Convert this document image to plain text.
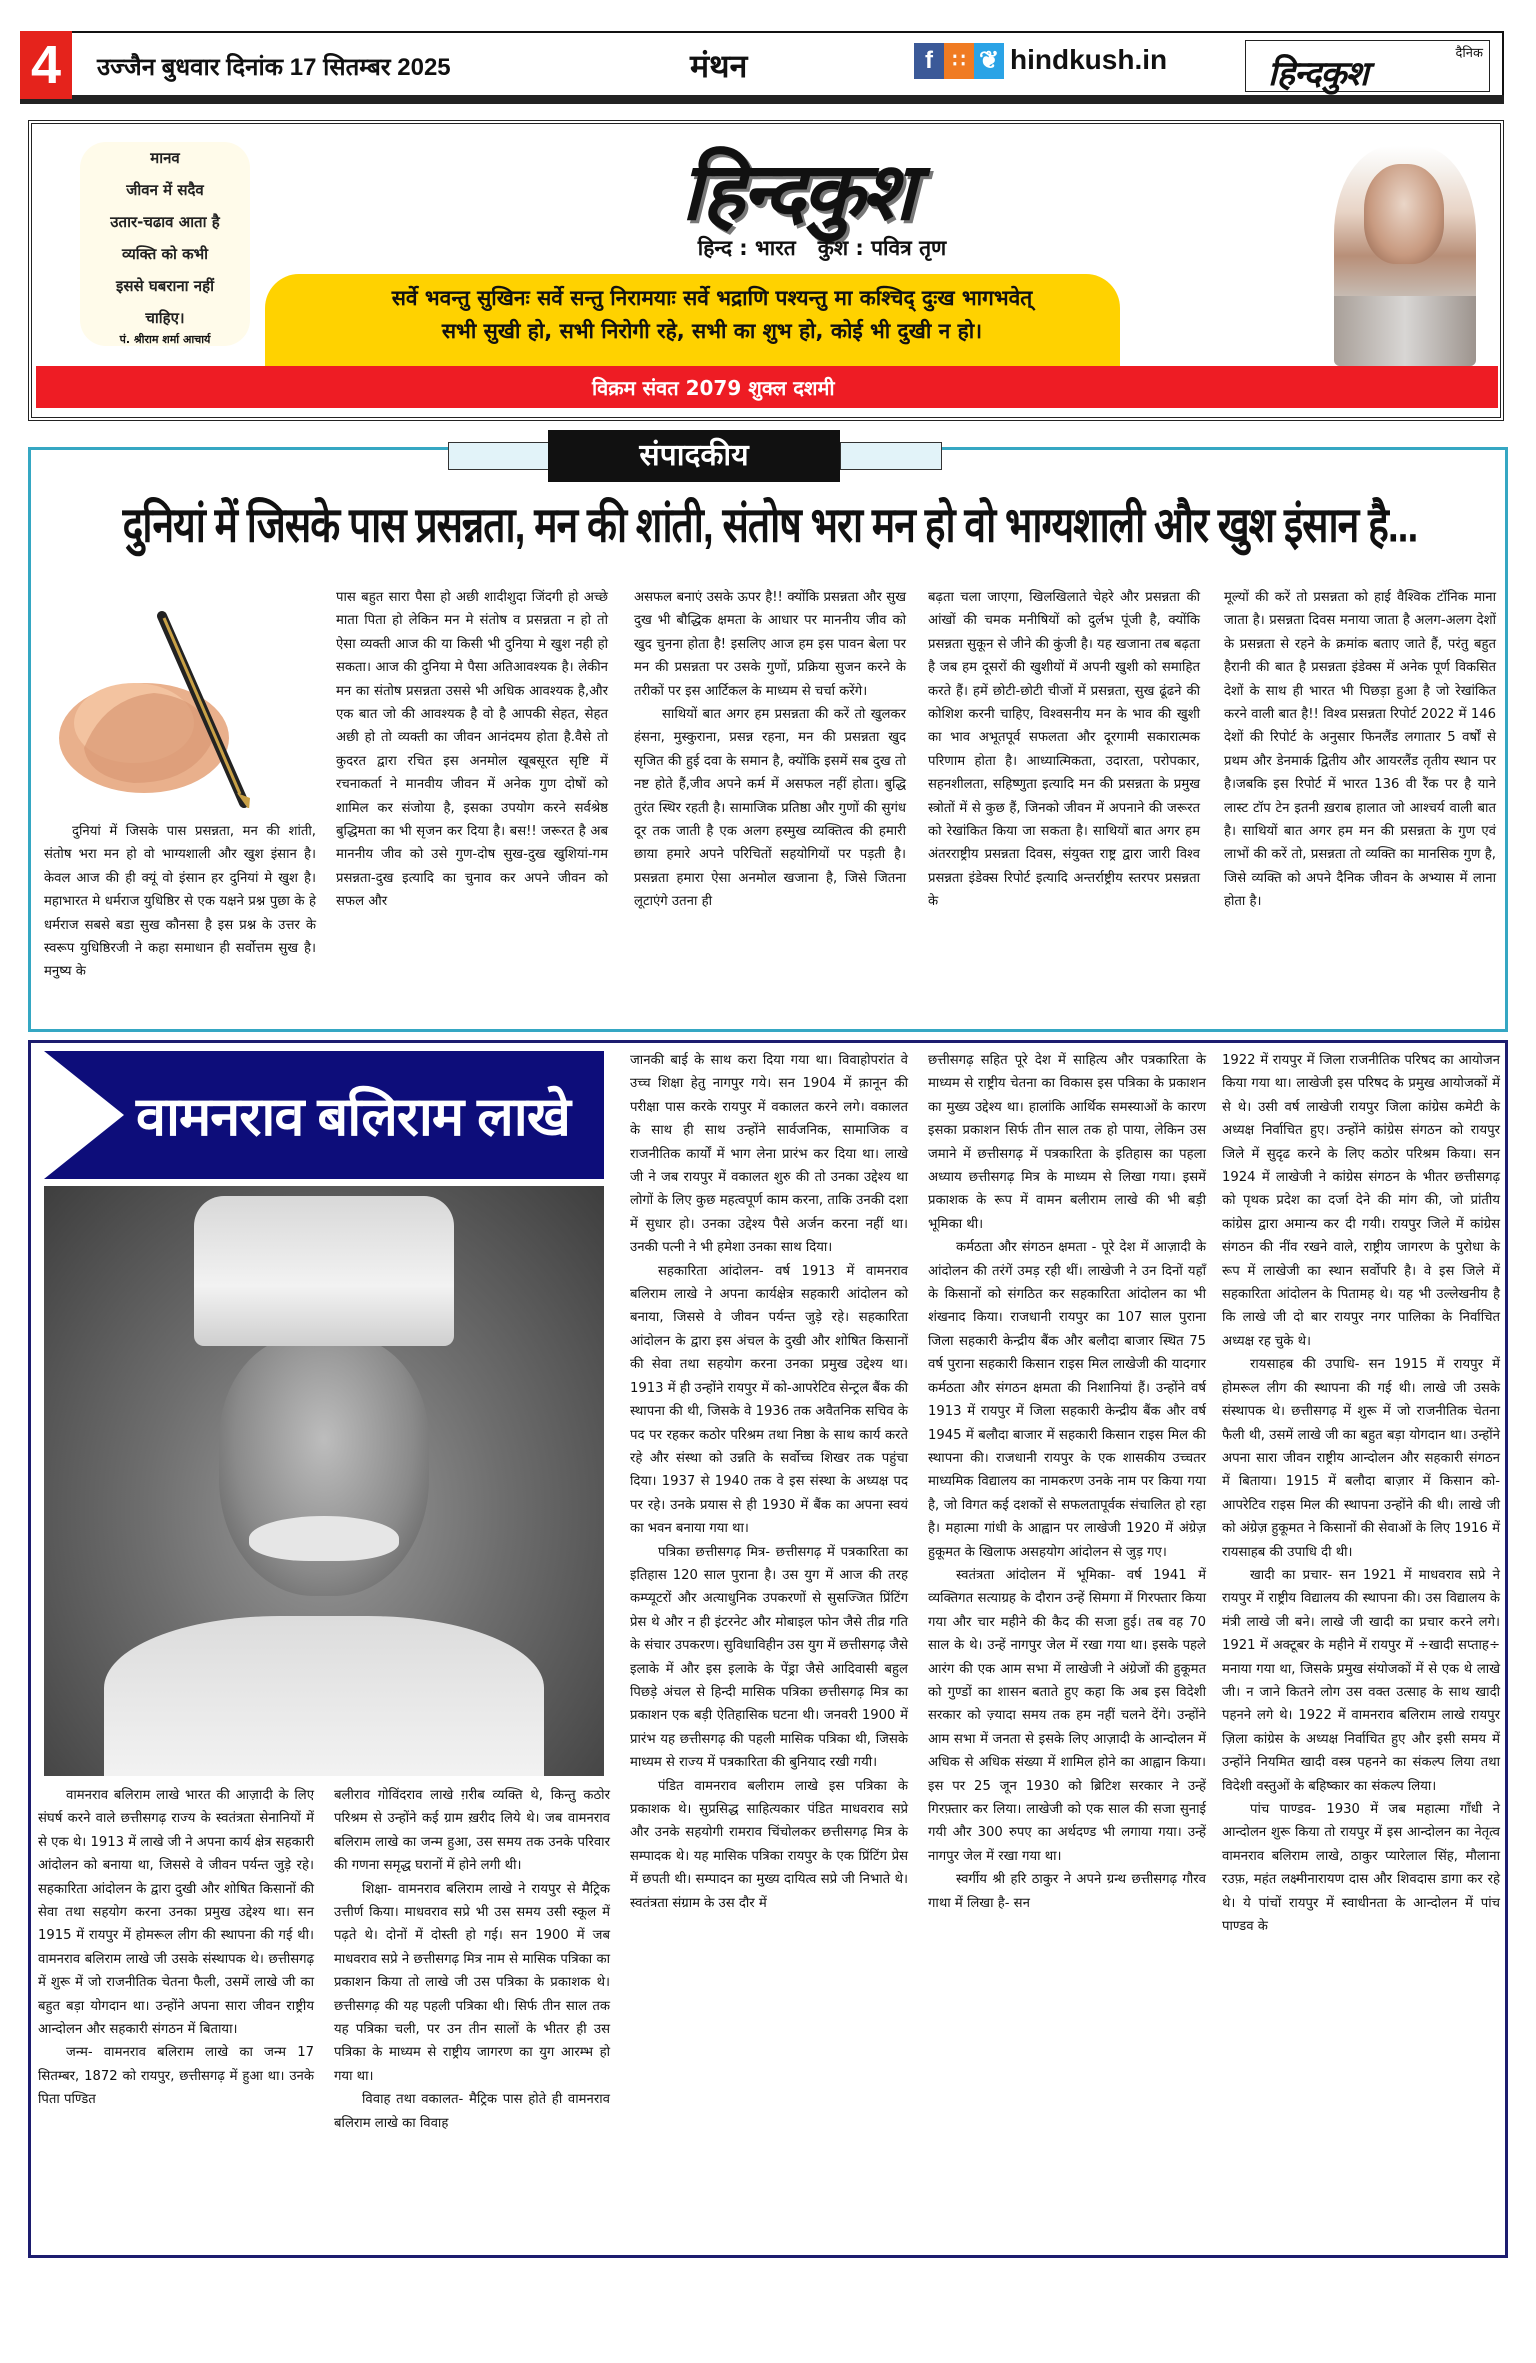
4	उज्जैन बुधवार दिनांक 17 सितम्बर 2025	मंथन	f ∷ ❦ hindkush.in	दैनिक
हिन्दकुश
मानव
जीवन में सदैव
उतार-चढाव आता है
व्यक्ति को कभी
इससे घबराना नहीं
चाहिए।
पं. श्रीराम शर्मा आचार्य
हिन्दकुश
हिन्द : भारत   कुश : पवित्र तृण
सर्वे भवन्तु सुखिनः सर्वे सन्तु निरामयाः सर्वे भद्राणि पश्यन्तु मा कश्चिद् दुःख भागभवेत्
सभी सुखी हो, सभी निरोगी रहे, सभी का शुभ हो, कोई भी दुखी न हो।
विक्रम संवत 2079 शुक्ल दशमी
संपादकीय
दुनियां में जिसके पास प्रसन्नता, मन की शांती, संतोष भरा मन हो वो भाग्यशाली और खुश इंसान है...

दुनियां में जिसके पास प्रसन्नता, मन की शांती, संतोष भरा मन हो वो भाग्यशाली और खुश इंसान है। केवल आज की ही क्यूं वो इंसान हर दुनियां मे खुश है। महाभारत मे धर्मराज युधिष्ठिर से एक यक्षने प्रश्न पुछा के हे धर्मराज सबसे बडा सुख कौनसा है इस प्रश्न के उत्तर के स्वरूप युधिष्ठिरजी ने कहा समाधान ही सर्वोत्तम सुख है। मनुष्य के

पास बहुत सारा पैसा हो अछी शादीशुदा जिंदगी हो अच्छे माता पिता हो लेकिन मन मे संतोष व प्रसन्नता न हो तो ऐसा व्यक्ती आज की या किसी भी दुनिया मे खुश नही हो सकता। आज की दुनिया मे पैसा अतिआवश्यक है। लेकीन मन का संतोष प्रसन्नता उससे भी अधिक आवश्यक है,और एक बात जो की आवश्यक है वो है आपकी सेहत, सेहत अछी हो तो व्यक्ती का जीवन आनंदमय होता है.वैसे तो कुदरत द्वारा रचित इस अनमोल खूबसूरत सृष्टि में रचनाकर्ता ने मानवीय जीवन में अनेक गुण दोषों को शामिल कर संजोया है, इसका उपयोग करने सर्वश्रेष्ठ बुद्धिमता का भी सृजन कर दिया है। बस!! जरूरत है अब माननीय जीव को उसे गुण-दोष सुख-दुख खुशियां-गम प्रसन्नता-दुख इत्यादि का चुनाव कर अपने जीवन को सफल और

असफल बनाएं उसके ऊपर है!! क्योंकि प्रसन्नता और सुख दुख भी बौद्धिक क्षमता के आधार पर माननीय जीव को खुद चुनना होता है! इसलिए आज हम इस पावन बेला पर मन की प्रसन्नता पर उसके गुणों, प्रक्रिया सुजन करने के तरीकों पर इस आर्टिकल के माध्यम से चर्चा करेंगे।

साथियों बात अगर हम प्रसन्नता की करें तो खुलकर हंसना, मुस्कुराना, प्रसन्न रहना, मन की प्रसन्नता खुद सृजित की हुई दवा के समान है, क्योंकि इसमें सब दुख तो नष्ट होते हैं,जीव अपने कर्म में असफल नहीं होता। बुद्धि तुरंत स्थिर रहती है। सामाजिक प्रतिष्ठा और गुणों की सुगंध दूर तक जाती है एक अलग हस्मुख व्यक्तित्व की हमारी छाया हमारे अपने परिचितों सहयोगियों पर पड़ती है। प्रसन्नता हमारा ऐसा अनमोल खजाना है, जिसे जितना लूटाएंगे उतना ही

बढ़ता चला जाएगा, खिलखिलाते चेहरे और प्रसन्नता की आंखों की चमक मनीषियों को दुर्लभ पूंजी है, क्योंकि प्रसन्नता सुकून से जीने की कुंजी है। यह खजाना तब बढ़ता है जब हम दूसरों की खुशीयों में अपनी खुशी को समाहित करते हैं। हमें छोटी-छोटी चीजों में प्रसन्नता, सुख ढूंढने की कोशिश करनी चाहिए, विश्वसनीय मन के भाव की खुशी का भाव अभूतपूर्व सफलता और दूरगामी सकारात्मक परिणाम होता है। आध्यात्मिकता, उदारता, परोपकार, सहनशीलता, सहिष्णुता इत्यादि मन की प्रसन्नता के प्रमुख स्त्रोतों में से कुछ हैं, जिनको जीवन में अपनाने की जरूरत को रेखांकित किया जा सकता है। साथियों बात अगर हम अंतरराष्ट्रीय प्रसन्नता दिवस, संयुक्त राष्ट्र द्वारा जारी विश्व प्रसन्नता इंडेक्स रिपोर्ट इत्यादि अन्तर्राष्ट्रीय स्तरपर प्रसन्नता के

मूल्यों की करें तो प्रसन्नता को हाई वैश्विक टॉनिक माना जाता है। प्रसन्नता दिवस मनाया जाता है अलग-अलग देशों के प्रसन्नता से रहने के क्रमांक बताए जाते हैं, परंतु बहुत हैरानी की बात है प्रसन्नता इंडेक्स में अनेक पूर्ण विकसित देशों के साथ ही भारत भी पिछड़ा हुआ है जो रेखांकित करने वाली बात है!! विश्व प्रसन्नता रिपोर्ट 2022 में 146 देशों की रिपोर्ट के अनुसार फिनलैंड लगातार 5 वर्षों से प्रथम और डेनमार्क द्वितीय और आयरलैंड तृतीय स्थान पर है।जबकि इस रिपोर्ट में भारत 136 वी रैंक पर है याने लास्ट टॉप टेन इतनी ख़राब हालात जो आश्चर्य वाली बात है। साथियों बात अगर हम मन की प्रसन्नता के गुण एवं लाभों की करें तो, प्रसन्नता तो व्यक्ति का मानसिक गुण है, जिसे व्यक्ति को अपने दैनिक जीवन के अभ्यास में लाना होता है।

वामनराव बलिराम लाखे

वामनराव बलिराम लाखे भारत की आज़ादी के लिए संघर्ष करने वाले छत्तीसगढ़ राज्य के स्वतंत्रता सेनानियों में से एक थे। 1913 में लाखे जी ने अपना कार्य क्षेत्र सहकारी आंदोलन को बनाया था, जिससे वे जीवन पर्यन्त जुड़े रहे। सहकारिता आंदोलन के द्वारा दुखी और शोषित किसानों की सेवा तथा सहयोग करना उनका प्रमुख उद्देश्य था। सन 1915 में रायपुर में होमरूल लीग की स्थापना की गई थी। वामनराव बलिराम लाखे जी उसके संस्थापक थे। छत्तीसगढ़ में शुरू में जो राजनीतिक चेतना फैली, उसमें लाखे जी का बहुत बड़ा योगदान था। उन्होंने अपना सारा जीवन राष्ट्रीय आन्दोलन और सहकारी संगठन में बिताया।

जन्म- वामनराव बलिराम लाखे का जन्म 17 सितम्बर, 1872 को रायपुर, छत्तीसगढ़ में हुआ था। उनके पिता पण्डित

बलीराव गोविंदराव लाखे ग़रीब व्यक्ति थे, किन्तु कठोर परिश्रम से उन्होंने कई ग्राम ख़रीद लिये थे। जब वामनराव बलिराम लाखे का जन्म हुआ, उस समय तक उनके परिवार की गणना समृद्ध घरानों में होने लगी थी।

शिक्षा- वामनराव बलिराम लाखे ने रायपुर से मैट्रिक उत्तीर्ण किया। माधवराव सप्रे भी उस समय उसी स्कूल में पढ़ते थे। दोनों में दोस्ती हो गई। सन 1900 में जब माधवराव सप्रे ने छत्तीसगढ़ मित्र नाम से मासिक पत्रिका का प्रकाशन किया तो लाखे जी उस पत्रिका के प्रकाशक थे। छत्तीसगढ़ की यह पहली पत्रिका थी। सिर्फ तीन साल तक यह पत्रिका चली, पर उन तीन सालों के भीतर ही उस पत्रिका के माध्यम से राष्ट्रीय जागरण का युग आरम्भ हो गया था।

विवाह तथा वकालत- मैट्रिक पास होते ही वामनराव बलिराम लाखे का विवाह

जानकी बाई के साथ करा दिया गया था। विवाहोपरांत वे उच्च शिक्षा हेतु नागपुर गये। सन 1904 में क़ानून की परीक्षा पास करके रायपुर में वकालत करने लगे। वकालत के साथ ही साथ उन्होंने सार्वजनिक, सामाजिक व राजनीतिक कार्यों में भाग लेना प्रारंभ कर दिया था। लाखे जी ने जब रायपुर में वकालत शुरु की तो उनका उद्देश्य था लोगों के लिए कुछ महत्वपूर्ण काम करना, ताकि उनकी दशा में सुधार हो। उनका उद्देश्य पैसे अर्जन करना नहीं था। उनकी पत्नी ने भी हमेशा उनका साथ दिया।

सहकारिता आंदोलन- वर्ष 1913 में वामनराव बलिराम लाखे ने अपना कार्यक्षेत्र सहकारी आंदोलन को बनाया, जिससे वे जीवन पर्यन्त जुड़े रहे। सहकारिता आंदोलन के द्वारा इस अंचल के दुखी और शोषित किसानों की सेवा तथा सहयोग करना उनका प्रमुख उद्देश्य था। 1913 में ही उन्होंने रायपुर में को-आपरेटिव सेन्ट्रल बैंक की स्थापना की थी, जिसके वे 1936 तक अवैतनिक सचिव के पद पर रहकर कठोर परिश्रम तथा निष्ठा के साथ कार्य करते रहे और संस्था को उन्नति के सर्वोच्च शिखर तक पहुंचा दिया। 1937 से 1940 तक वे इस संस्था के अध्यक्ष पद पर रहे। उनके प्रयास से ही 1930 में बैंक का अपना स्वयं का भवन बनाया गया था।

पत्रिका छत्तीसगढ़ मित्र- छत्तीसगढ़ में पत्रकारिता का इतिहास 120 साल पुराना है। उस युग में आज की तरह कम्प्यूटरों और अत्याधुनिक उपकरणों से सुसज्जित प्रिंटिंग प्रेस थे और न ही इंटरनेट और मोबाइल फोन जैसे तीव्र गति के संचार उपकरण। सुविधाविहीन उस युग में छत्तीसगढ़ जैसे इलाके में और इस इलाके के पेंड्रा जैसे आदिवासी बहुल पिछड़े अंचल से हिन्दी मासिक पत्रिका छत्तीसगढ़ मित्र का प्रकाशन एक बड़ी ऐतिहासिक घटना थी। जनवरी 1900 में प्रारंभ यह छत्तीसगढ़ की पहली मासिक पत्रिका थी, जिसके माध्यम से राज्य में पत्रकारिता की बुनियाद रखी गयी।

पंडित वामनराव बलीराम लाखे इस पत्रिका के प्रकाशक थे। सुप्रसिद्ध साहित्यकार पंडित माधवराव सप्रे और उनके सहयोगी रामराव चिंचोलकर छत्तीसगढ़ मित्र के सम्पादक थे। यह मासिक पत्रिका रायपुर के एक प्रिंटिंग प्रेस में छपती थी। सम्पादन का मुख्य दायित्व सप्रे जी निभाते थे। स्वतंत्रता संग्राम के उस दौर में

छत्तीसगढ़ सहित पूरे देश में साहित्य और पत्रकारिता के माध्यम से राष्ट्रीय चेतना का विकास इस पत्रिका के प्रकाशन का मुख्य उद्देश्य था। हालांकि आर्थिक समस्याओं के कारण इसका प्रकाशन सिर्फ तीन साल तक हो पाया, लेकिन उस जमाने में छत्तीसगढ़ में पत्रकारिता के इतिहास का पहला अध्याय छत्तीसगढ़ मित्र के माध्यम से लिखा गया। इसमें प्रकाशक के रूप में वामन बलीराम लाखे की भी बड़ी भूमिका थी।

कर्मठता और संगठन क्षमता - पूरे देश में आज़ादी के आंदोलन की तरंगें उमड़ रही थीं। लाखेजी ने उन दिनों यहाँ के किसानों को संगठित कर सहकारिता आंदोलन का भी शंखनाद किया। राजधानी रायपुर का 107 साल पुराना जिला सहकारी केन्द्रीय बैंक और बलौदा बाजार स्थित 75 वर्ष पुराना सहकारी किसान राइस मिल लाखेजी की यादगार कर्मठता और संगठन क्षमता की निशानियां हैं। उन्होंने वर्ष 1913 में रायपुर में जिला सहकारी केन्द्रीय बैंक और वर्ष 1945 में बलौदा बाजार में सहकारी किसान राइस मिल की स्थापना की। राजधानी रायपुर के एक शासकीय उच्चतर माध्यमिक विद्यालय का नामकरण उनके नाम पर किया गया है, जो विगत कई दशकों से सफलतापूर्वक संचालित हो रहा है। महात्मा गांधी के आह्वान पर लाखेजी 1920 में अंग्रेज़ हुकूमत के खिलाफ असहयोग आंदोलन से जुड़ गए।

स्वतंत्रता आंदोलन में भूमिका- वर्ष 1941 में व्यक्तिगत सत्याग्रह के दौरान उन्हें सिमगा में गिरफ्तार किया गया और चार महीने की कैद की सजा हुई। तब वह 70 साल के थे। उन्हें नागपुर जेल में रखा गया था। इसके पहले आरंग की एक आम सभा में लाखेजी ने अंग्रेजों की हुकूमत को गुण्डों का शासन बताते हुए कहा कि अब इस विदेशी सरकार को ज़्यादा समय तक हम नहीं चलने देंगे। उन्होंने आम सभा में जनता से इसके लिए आज़ादी के आन्दोलन में अधिक से अधिक संख्या में शामिल होने का आह्वान किया। इस पर 25 जून 1930 को ब्रिटिश सरकार ने उन्हें गिरफ़्तार कर लिया। लाखेजी को एक साल की सजा सुनाई गयी और 300 रुपए का अर्थदण्ड भी लगाया गया। उन्हें नागपुर जेल में रखा गया था।

स्वर्गीय श्री हरि ठाकुर ने अपने ग्रन्थ छत्तीसगढ़ गौरव गाथा में लिखा है- सन

1922 में रायपुर में जिला राजनीतिक परिषद का आयोजन किया गया था। लाखेजी इस परिषद के प्रमुख आयोजकों में से थे। उसी वर्ष लाखेजी रायपुर जिला कांग्रेस कमेटी के अध्यक्ष निर्वाचित हुए। उन्होंने कांग्रेस संगठन को रायपुर जिले में सुदृढ करने के लिए कठोर परिश्रम किया। सन 1924 में लाखेजी ने कांग्रेस संगठन के भीतर छत्तीसगढ़ को पृथक प्रदेश का दर्जा देने की मांग की, जो प्रांतीय कांग्रेस द्वारा अमान्य कर दी गयी। रायपुर जिले में कांग्रेस संगठन की नींव रखने वाले, राष्ट्रीय जागरण के पुरोधा के रूप में लाखेजी का स्थान सर्वोपरि है। वे इस जिले में सहकारिता आंदोलन के पितामह थे। यह भी उल्लेखनीय है कि लाखे जी दो बार रायपुर नगर पालिका के निर्वाचित अध्यक्ष रह चुके थे।

रायसाहब की उपाधि- सन 1915 में रायपुर में होमरूल लीग की स्थापना की गई थी। लाखे जी उसके संस्थापक थे। छत्तीसगढ़ में शुरू में जो राजनीतिक चेतना फैली थी, उसमें लाखे जी का बहुत बड़ा योगदान था। उन्होंने अपना सारा जीवन राष्ट्रीय आन्दोलन और सहकारी संगठन में बिताया। 1915 में बलौदा बाज़ार में किसान को-आपरेटिव राइस मिल की स्थापना उन्होंने की थी। लाखे जी को अंग्रेज़ हुकूमत ने किसानों की सेवाओं के लिए 1916 में रायसाहब की उपाधि दी थी।

खादी का प्रचार- सन 1921 में माधवराव सप्रे ने रायपुर में राष्ट्रीय विद्यालय की स्थापना की। उस विद्यालय के मंत्री लाखे जी बने। लाखे जी खादी का प्रचार करने लगे। 1921 में अक्टूबर के महीने में रायपुर में ÷खादी सप्ताह÷ मनाया गया था, जिसके प्रमुख संयोजकों में से एक थे लाखे जी। न जाने कितने लोग उस वक्त उत्साह के साथ खादी पहनने लगे थे। 1922 में वामनराव बलिराम लाखे रायपुर ज़िला कांग्रेस के अध्यक्ष निर्वाचित हुए और इसी समय में उन्होंने नियमित खादी वस्त्र पहनने का संकल्प लिया तथा विदेशी वस्तुओं के बहिष्कार का संकल्प लिया।

पांच पाण्डव- 1930 में जब महात्मा गाँधी ने आन्दोलन शुरू किया तो रायपुर में इस आन्दोलन का नेतृत्व वामनराव बलिराम लाखे, ठाकुर प्यारेलाल सिंह, मौलाना रउफ़, महंत लक्ष्मीनारायण दास और शिवदास डागा कर रहे थे। ये पांचों रायपुर में स्वाधीनता के आन्दोलन में पांच पाण्डव के
